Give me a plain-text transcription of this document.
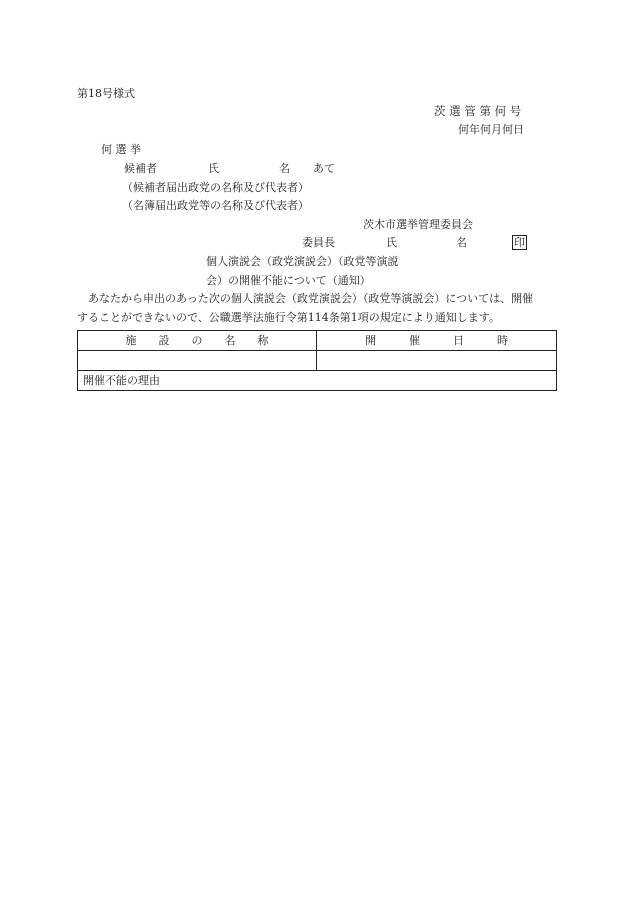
第18号様式
茨 選 管 第 何 号
何年何月何日
何 選 挙
候補者	氏	名 あて
（候補者届出政党の名称及び代表者）
（名簿届出政党等の名称及び代表者）
茨木市選挙管理委員会
委員長	氏	名	印
個人演説会（政党演説会）（政党等演説
会）の開催不能について（通知）
あなたから申出のあった次の個人演説会（政党演説会）（政党等演説会）については、開催
することができないので、公職選挙法施行令第114条第1項の規定により通知します。
施　　設　　の　　名　　称	開　　　催　　　日　　　時

開催不能の理由	
